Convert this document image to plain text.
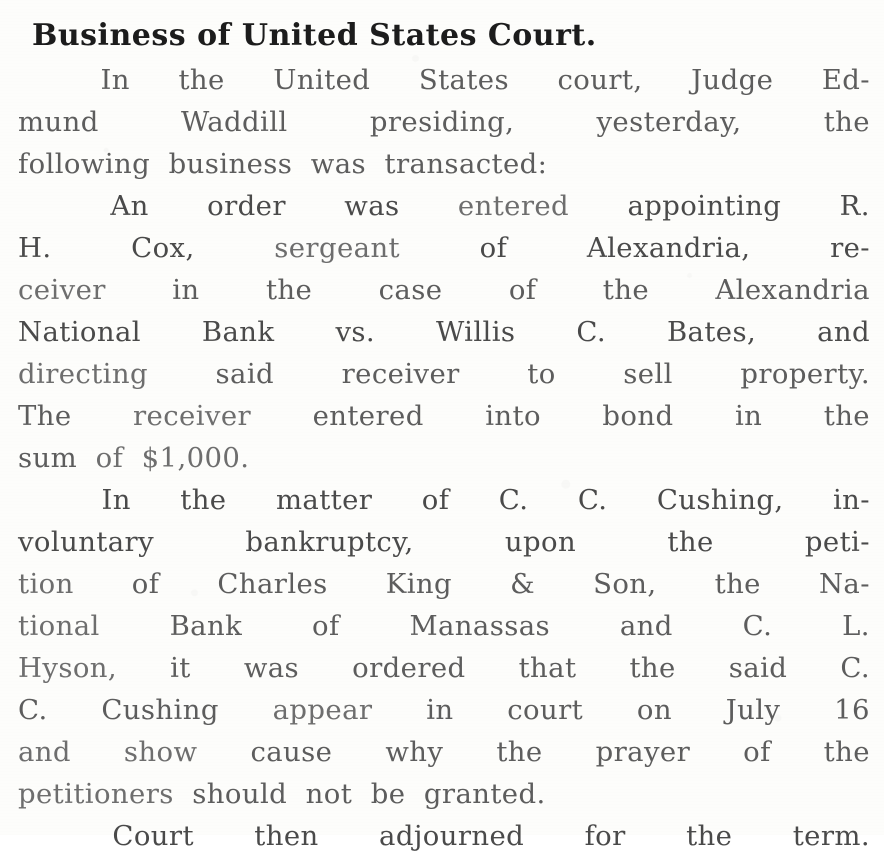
Business of United States Court.
In the United States court, Judge Ed-
mund	Waddill	presiding,	yesterday,	the
following business was transacted:
An order was entered appointing R.
H.	Cox,	sergeant	of	Alexandria,	re-
ceiver in the case of the Alexandria
National Bank vs. Willis C. Bates, and
directing said receiver to sell property.
The receiver entered into bond in the
sum of $1,000.
In the matter of C. C. Cushing, in-
voluntary	bankruptcy,	upon	the	peti-
tion of Charles King & Son, the Na-
tional	Bank	of	Manassas	and	C.	L.
Hyson, it was ordered that the said C.
C. Cushing appear in court on July 16
and show cause why the prayer of the
petitioners should not be granted.
Court then adjourned for the term.
